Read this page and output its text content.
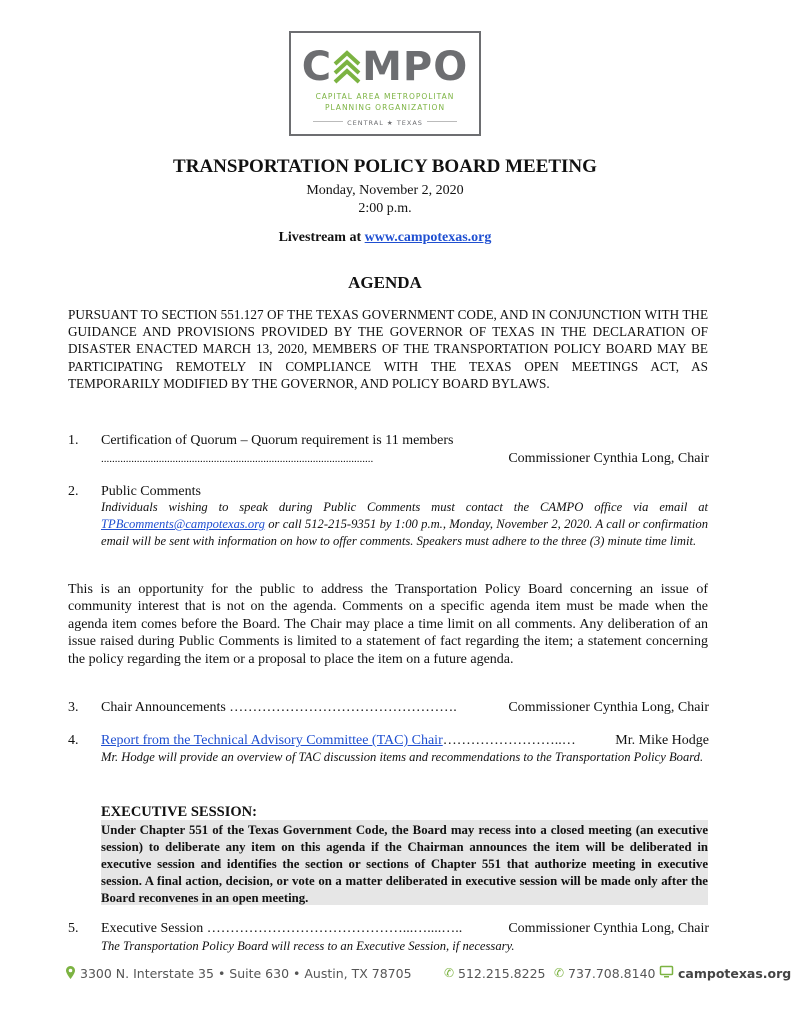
C MPO
CAPITAL AREA METROPOLITAN
PLANNING ORGANIZATION
CENTRAL ★ TEXAS
TRANSPORTATION POLICY BOARD MEETING
Monday, November 2, 2020
2:00 p.m.
Livestream at www.campotexas.org
AGENDA
PURSUANT TO SECTION 551.127 OF THE TEXAS GOVERNMENT CODE, AND IN CONJUNCTION WITH THE GUIDANCE AND PROVISIONS PROVIDED BY THE GOVERNOR OF TEXAS IN THE DECLARATION OF DISASTER ENACTED MARCH 13, 2020, MEMBERS OF THE TRANSPORTATION POLICY BOARD MAY BE PARTICIPATING REMOTELY IN COMPLIANCE WITH THE TEXAS OPEN MEETINGS ACT, AS TEMPORARILY MODIFIED BY THE GOVERNOR, AND POLICY BOARD BYLAWS.
1. Certification of Quorum – Quorum requirement is 11 members
...................................................................................................	Commissioner Cynthia Long, Chair
2. Public Comments
Individuals wishing to speak during Public Comments must contact the CAMPO office via email at TPBcomments@campotexas.org or call 512-215-9351 by 1:00 p.m., Monday, November 2, 2020. A call or confirmation email will be sent with information on how to offer comments. Speakers must adhere to the three (3) minute time limit.
This is an opportunity for the public to address the Transportation Policy Board concerning an issue of community interest that is not on the agenda. Comments on a specific agenda item must be made when the agenda item comes before the Board. The Chair may place a time limit on all comments. Any deliberation of an issue raised during Public Comments is limited to a statement of fact regarding the item; a statement concerning the policy regarding the item or a proposal to place the item on a future agenda.
3. Chair Announcements ………………………………………….	Commissioner Cynthia Long, Chair
4. Report from the Technical Advisory Committee (TAC) Chair……………………..…	Mr. Mike Hodge
Mr. Hodge will provide an overview of TAC discussion items and recommendations to the Transportation Policy Board.
EXECUTIVE SESSION:
Under Chapter 551 of the Texas Government Code, the Board may recess into a closed meeting (an executive session) to deliberate any item on this agenda if the Chairman announces the item will be deliberated in executive session and identifies the section or sections of Chapter 551 that authorize meeting in executive session. A final action, decision, or vote on a matter deliberated in executive session will be made only after the Board reconvenes in an open meeting.
5. Executive Session ……………………………………...…....…..	Commissioner Cynthia Long, Chair
The Transportation Policy Board will recess to an Executive Session, if necessary.
3300 N. Interstate 35 • Suite 630 • Austin, TX 78705	✆ 512.215.8225 ✆ 737.708.8140 campotexas.org
